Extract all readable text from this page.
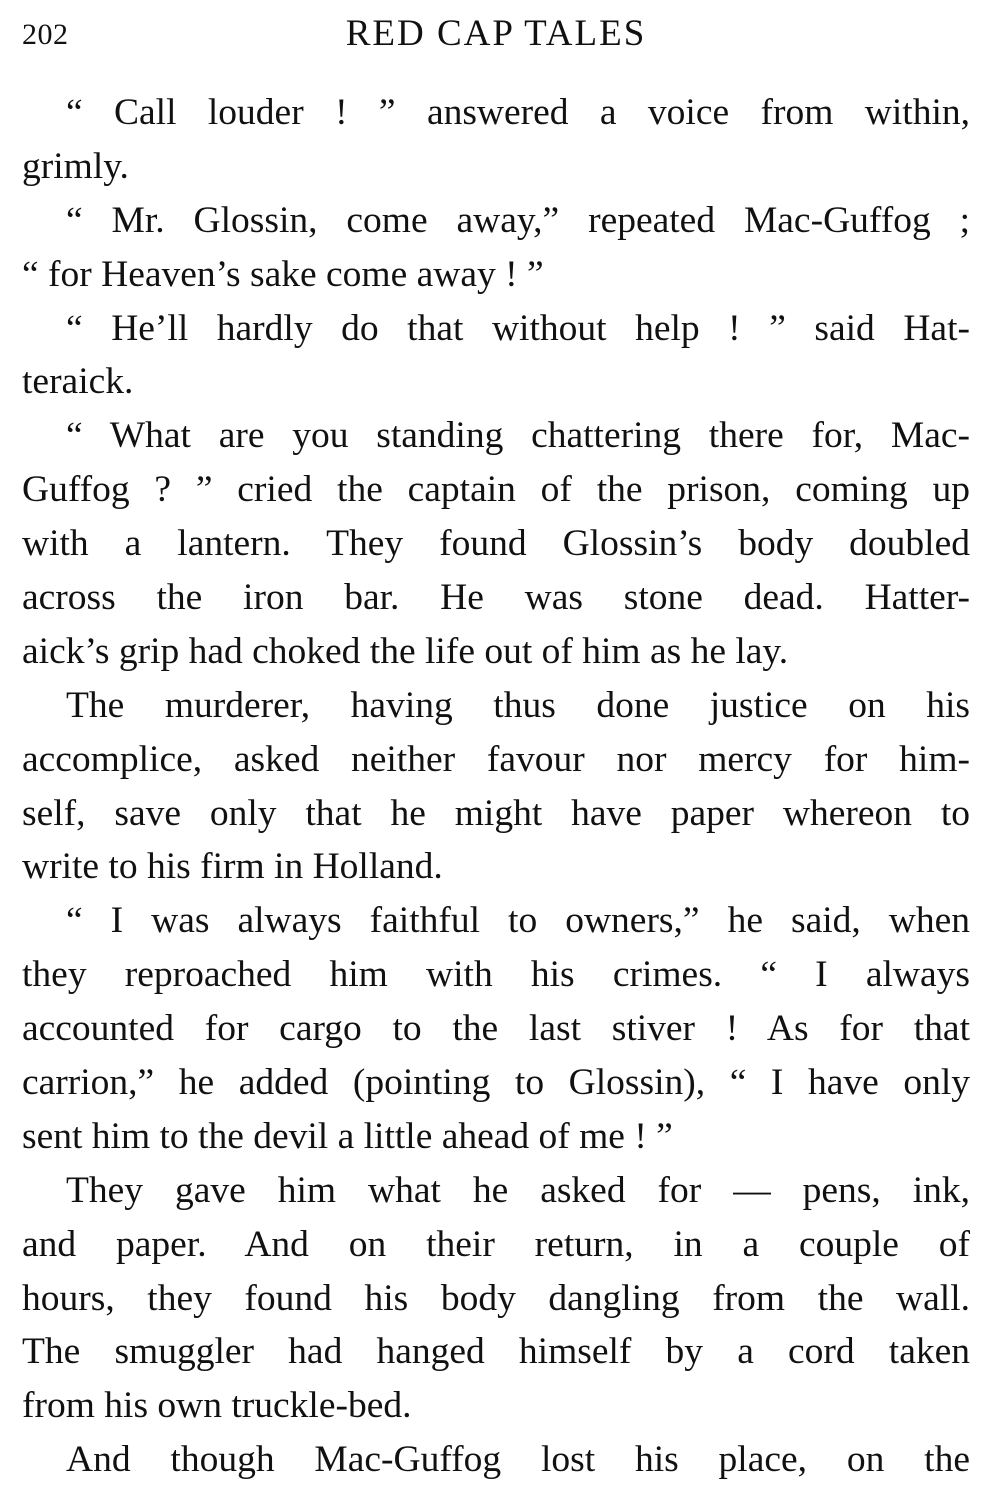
202	RED CAP TALES
“ Call louder ! ” answered a voice from within,
grimly.
“ Mr. Glossin, come away,” repeated Mac-Guffog ;
“ for Heaven’s sake come away ! ”
“ He’ll hardly do that without help ! ” said Hat-
teraick.
“ What are you standing chattering there for, Mac-
Guffog ? ” cried the captain of the prison, coming up
with a lantern. They found Glossin’s body doubled
across the iron bar. He was stone dead. Hatter-
aick’s grip had choked the life out of him as he lay.
The murderer, having thus done justice on his
accomplice, asked neither favour nor mercy for him-
self, save only that he might have paper whereon to
write to his firm in Holland.
“ I was always faithful to owners,” he said, when
they reproached him with his crimes. “ I always
accounted for cargo to the last stiver ! As for that
carrion,” he added (pointing to Glossin), “ I have only
sent him to the devil a little ahead of me ! ”
They gave him what he asked for — pens, ink,
and paper. And on their return, in a couple of
hours, they found his body dangling from the wall.
The smuggler had hanged himself by a cord taken
from his own truckle-bed.
And though Mac-Guffog lost his place, on the
